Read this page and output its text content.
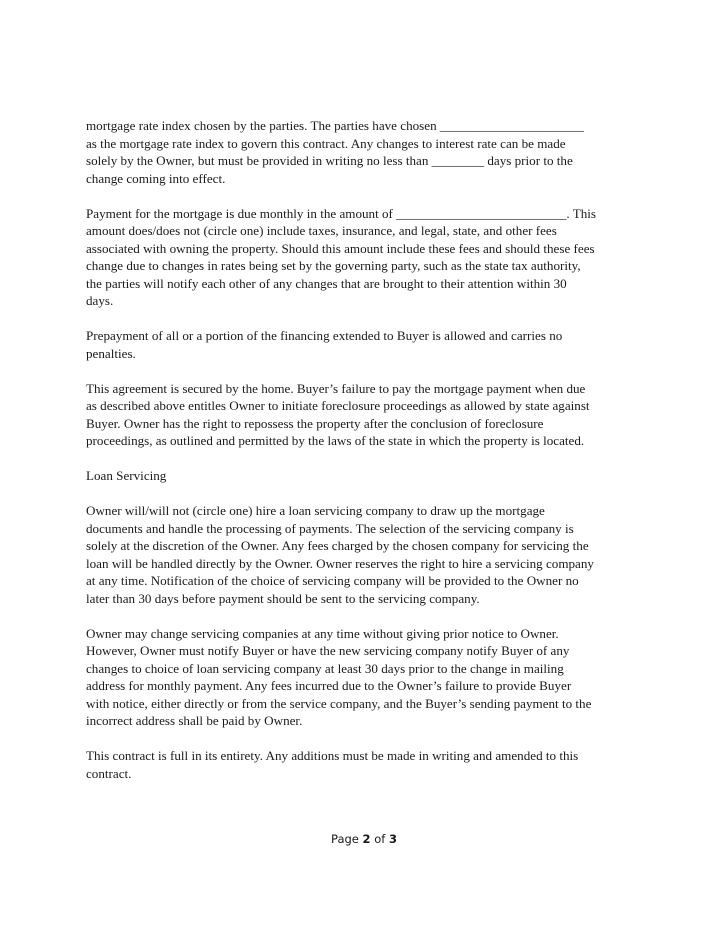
mortgage rate index chosen by the parties. The parties have chosen ______________________
as the mortgage rate index to govern this contract. Any changes to interest rate can be made
solely by the Owner, but must be provided in writing no less than ________ days prior to the
change coming into effect.

Payment for the mortgage is due monthly in the amount of __________________________. This
amount does/does not (circle one) include taxes, insurance, and legal, state, and other fees
associated with owning the property. Should this amount include these fees and should these fees
change due to changes in rates being set by the governing party, such as the state tax authority,
the parties will notify each other of any changes that are brought to their attention within 30
days.

Prepayment of all or a portion of the financing extended to Buyer is allowed and carries no
penalties.

This agreement is secured by the home. Buyer’s failure to pay the mortgage payment when due
as described above entitles Owner to initiate foreclosure proceedings as allowed by state against
Buyer. Owner has the right to repossess the property after the conclusion of foreclosure
proceedings, as outlined and permitted by the laws of the state in which the property is located.

Loan Servicing

Owner will/will not (circle one) hire a loan servicing company to draw up the mortgage
documents and handle the processing of payments. The selection of the servicing company is
solely at the discretion of the Owner. Any fees charged by the chosen company for servicing the
loan will be handled directly by the Owner. Owner reserves the right to hire a servicing company
at any time. Notification of the choice of servicing company will be provided to the Owner no
later than 30 days before payment should be sent to the servicing company.

Owner may change servicing companies at any time without giving prior notice to Owner.
However, Owner must notify Buyer or have the new servicing company notify Buyer of any
changes to choice of loan servicing company at least 30 days prior to the change in mailing
address for monthly payment. Any fees incurred due to the Owner’s failure to provide Buyer
with notice, either directly or from the service company, and the Buyer’s sending payment to the
incorrect address shall be paid by Owner.

This contract is full in its entirety. Any additions must be made in writing and amended to this
contract.

Page 2 of 3
